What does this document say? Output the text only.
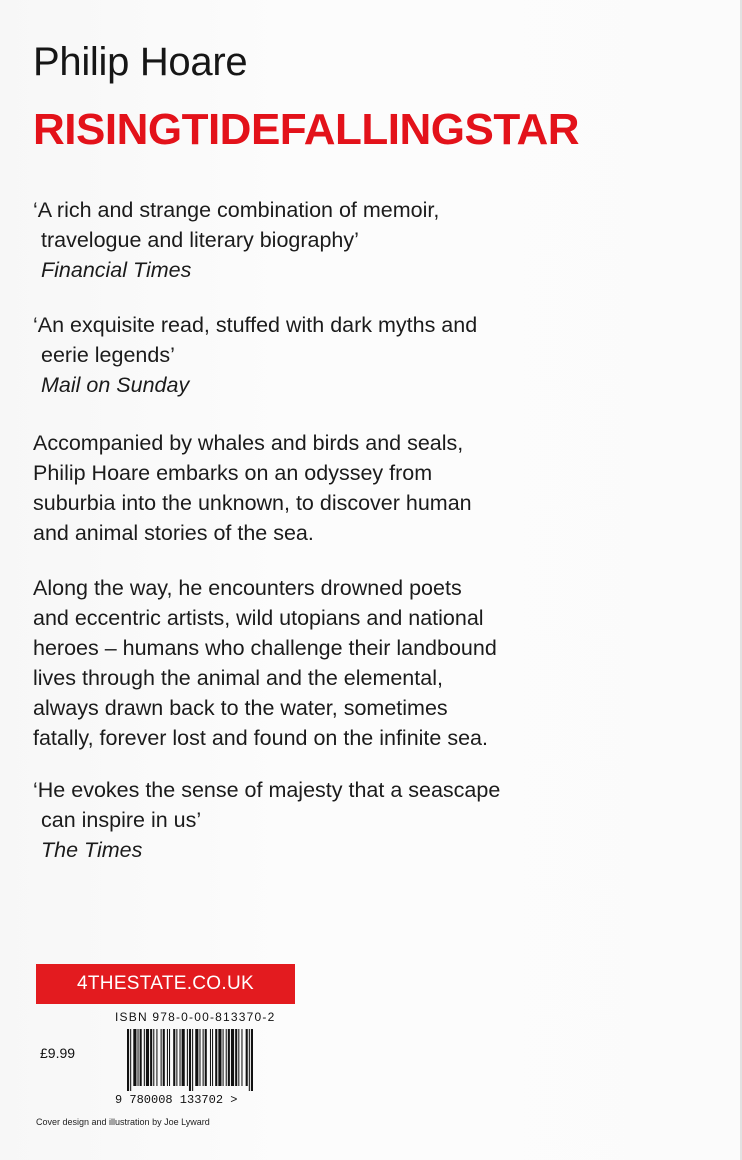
Philip Hoare
RISINGTIDEFALLINGSTAR
‘A rich and strange combination of memoir,
travelogue and literary biography’
Financial Times
‘An exquisite read, stuffed with dark myths and
eerie legends’
Mail on Sunday
Accompanied by whales and birds and seals,
Philip Hoare embarks on an odyssey from
suburbia into the unknown, to discover human
and animal stories of the sea.
Along the way, he encounters drowned poets
and eccentric artists, wild utopians and national
heroes – humans who challenge their landbound
lives through the animal and the elemental,
always drawn back to the water, sometimes
fatally, forever lost and found on the infinite sea.
‘He evokes the sense of majesty that a seascape
can inspire in us’
The Times
4THESTATE.CO.UK
ISBN 978-0-00-813370-2
£9.99
9 780008 133702 >
Cover design and illustration by Joe Lyward
